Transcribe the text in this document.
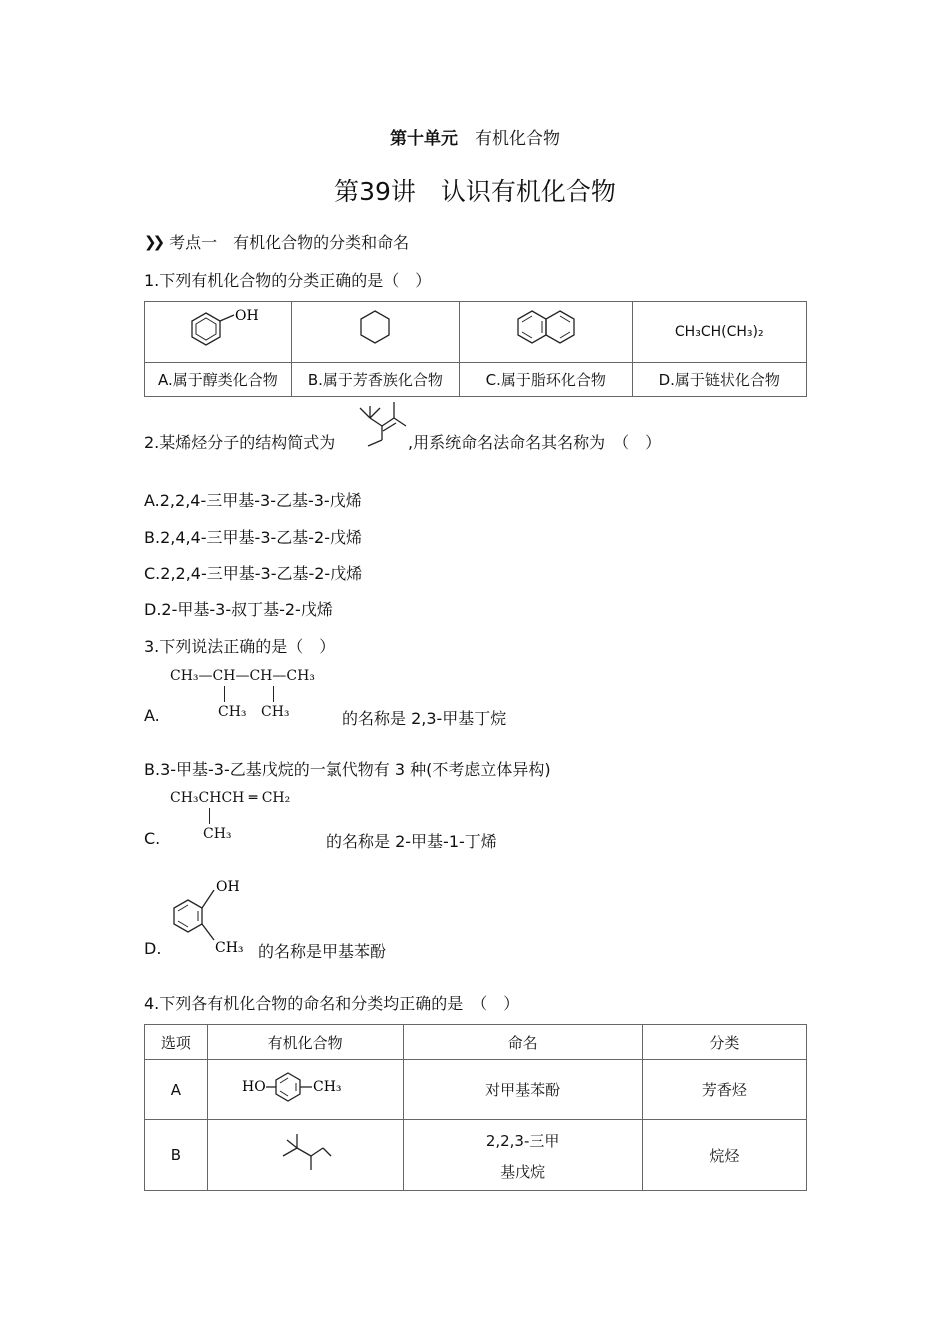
第十单元　 有机化合物
第39讲　认识有机化合物
❯❯ 考点一　有机化合物的分类和命名
1.下列有机化合物的分类正确的是（　）
OH			CH₃CH(CH₃)₂
A.属于醇类化合物	B.属于芳香族化合物	C.属于脂环化合物	D.属于链状化合物
2.某烯烃分子的结构简式为	,用系统命名法命名其名称为　（　）
A.2,2,4-三甲基-3-乙基-3-戊烯
B.2,4,4-三甲基-3-乙基-2-戊烯
C.2,2,4-三甲基-3-乙基-2-戊烯
D.2-甲基-3-叔丁基-2-戊烯
3.下列说法正确的是（　）
A.
CH₃—CH—CH—CH₃
CH₃ CH₃	的名称是 2,3-甲基丁烷
B.3-甲基-3-乙基戊烷的一氯代物有 3 种(不考虑立体异构)
C.
CH₃CHCH ═ CH₂
CH₃	的名称是 2-甲基-1-丁烯
D.
OH
CH₃ 的名称是甲基苯酚
4.下列各有机化合物的命名和分类均正确的是　（　）
选项	有机化合物	命名	分类
A	HO CH₃	对甲基苯酚	芳香烃
B		2,2,3-三甲
基戊烷	烷烃
